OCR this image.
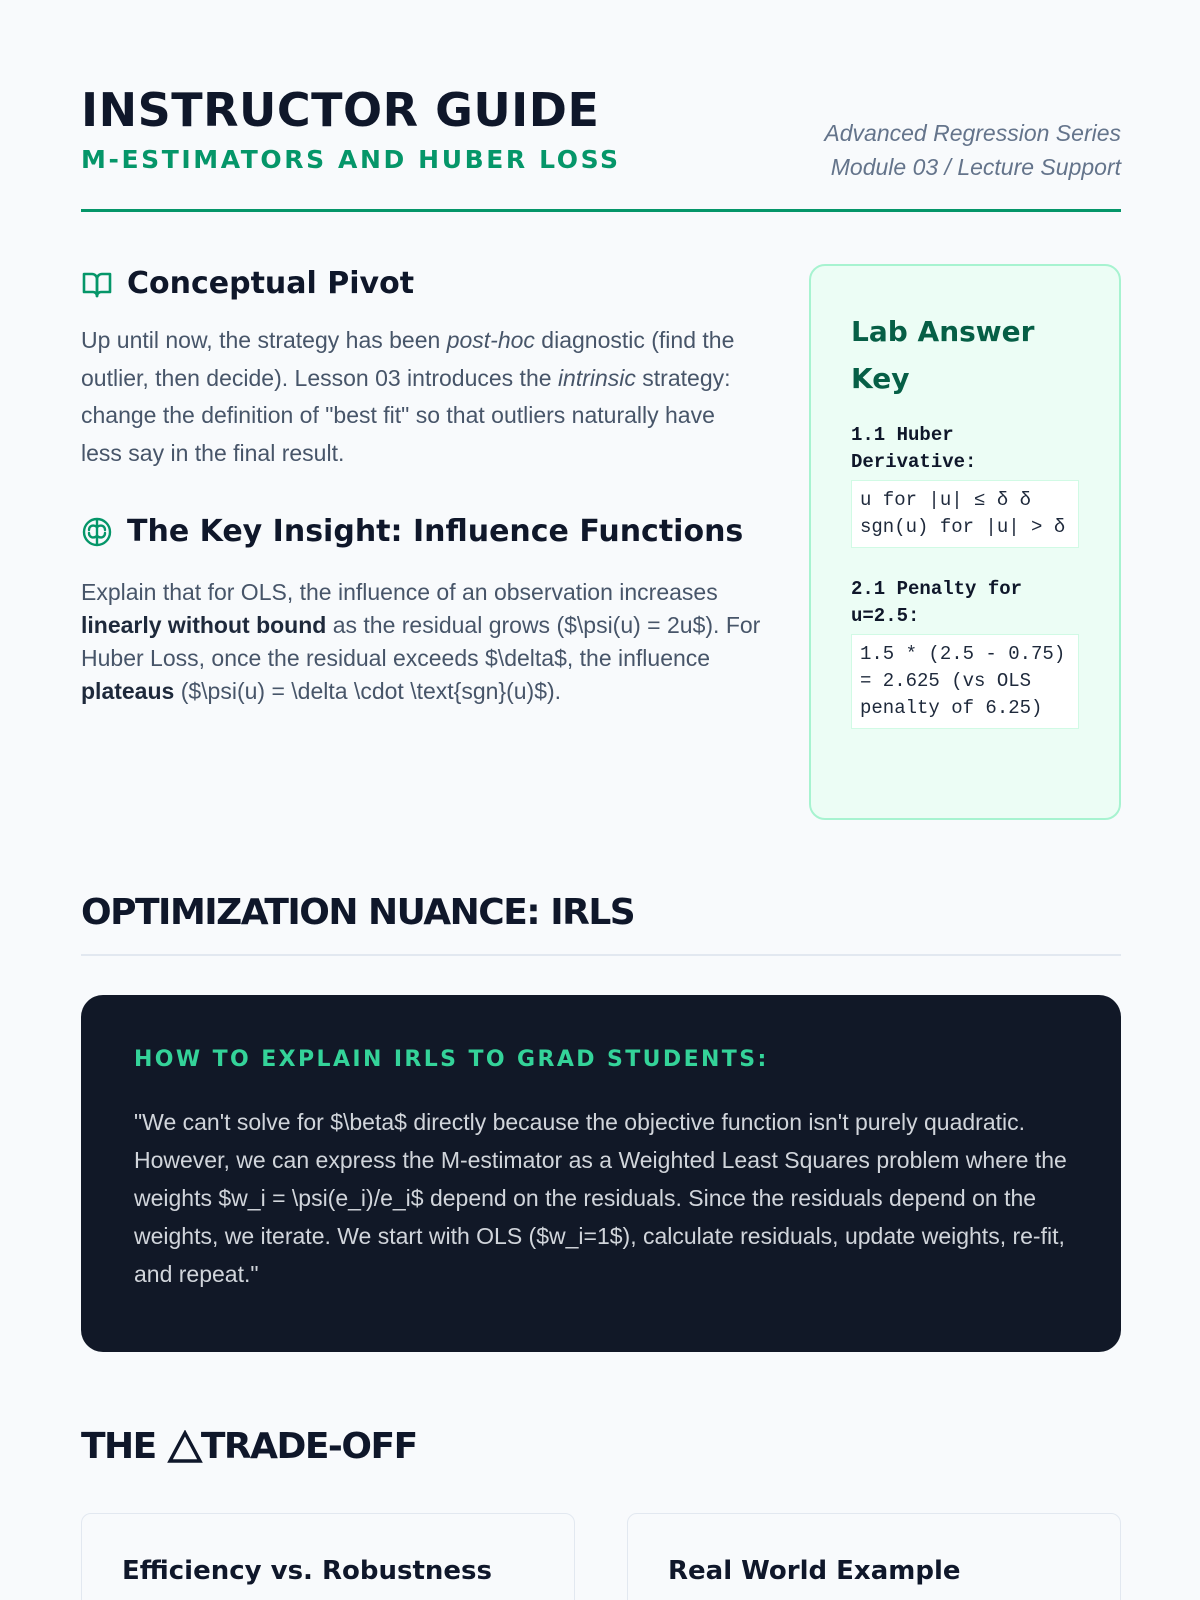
INSTRUCTOR GUIDE
M-ESTIMATORS AND HUBER LOSS
Advanced Regression Series
Module 03 / Lecture Support
Conceptual Pivot

Up until now, the strategy has been post-hoc diagnostic (find the outlier, then decide). Lesson 03 introduces the intrinsic strategy: change the definition of "best fit" so that outliers naturally have less say in the final result.

The Key Insight: Influence Functions

Explain that for OLS, the influence of an observation increases linearly without bound as the residual grows ($\psi(u) = 2u$). For Huber Loss, once the residual exceeds $\delta$, the influence plateaus ($\psi(u) = \delta \cdot \text{sgn}(u)$).

Lab Answer Key
1.1 Huber Derivative:
u for |u| ≤ δ δ sgn(u) for |u| > δ
2.1 Penalty for u=2.5:
1.5 * (2.5 - 0.75) = 2.625 (vs OLS penalty of 6.25)
OPTIMIZATION NUANCE: IRLS
HOW TO EXPLAIN IRLS TO GRAD STUDENTS:

"We can't solve for $\beta$ directly because the objective function isn't purely quadratic. However, we can express the M-estimator as a Weighted Least Squares problem where the weights $w_i = \psi(e_i)/e_i$ depend on the residuals. Since the residuals depend on the weights, we iterate. We start with OLS ($w_i=1$), calculate residuals, update weights, re-fit, and repeat."

THE TRADE-OFF
Efficiency vs. Robustness	Real World Example
